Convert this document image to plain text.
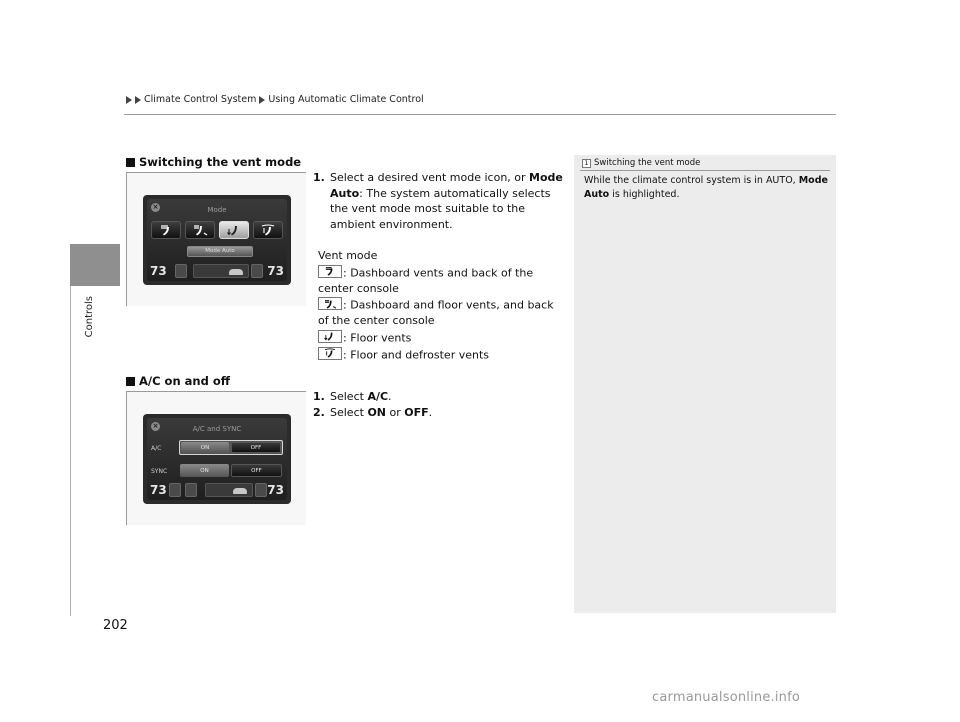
Climate Control System Using Automatic Climate Control
Controls
Switching the vent mode
×	Mode
Mode Auto
73	73
1. Select a desired vent mode icon, or Mode Auto: The system automatically selects the vent mode most suitable to the ambient environment.
Vent mode
: Dashboard vents and back of the center console
: Dashboard and floor vents, and back of the center console
: Floor vents
: Floor and defroster vents
A/C on and off
×	A/C and SYNC
A/C	ON	OFF
SYNC	ON	OFF
73	73
1. Select A/C.
2. Select ON or OFF.
1 Switching the vent mode
While the climate control system is in AUTO, Mode Auto is highlighted.
202
carmanualsonline.info
